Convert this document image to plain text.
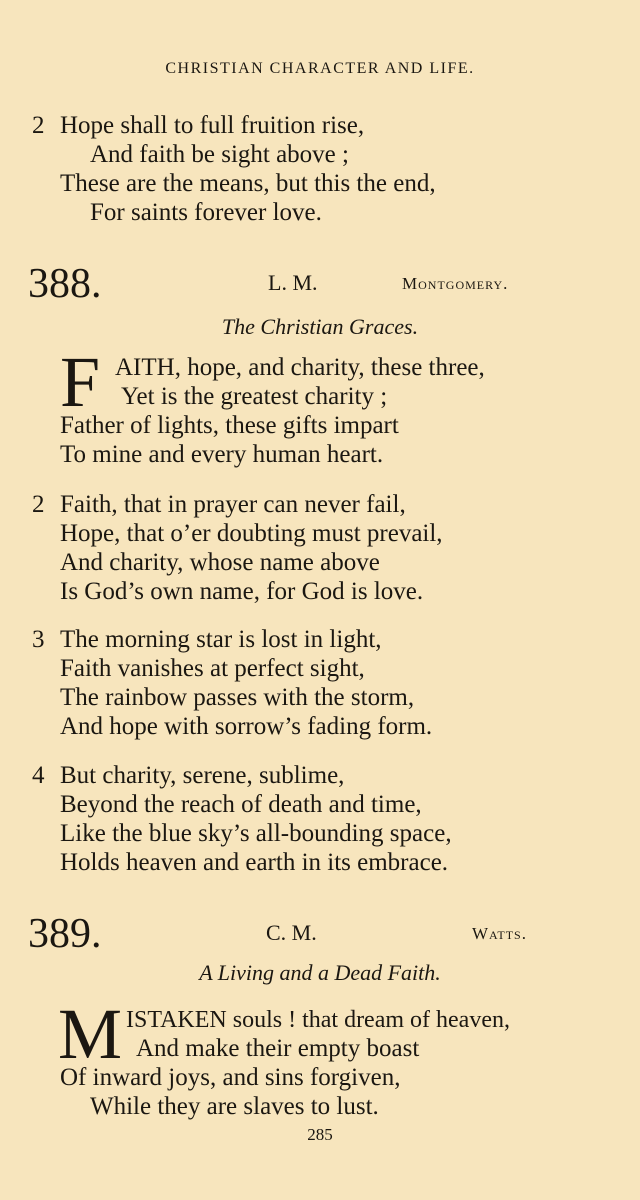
CHRISTIAN CHARACTER AND LIFE.
2 Hope shall to full fruition rise,
And faith be sight above ;
These are the means, but this the end,
For saints forever love.
388.	L. M.	Montgomery.
The Christian Graces.
F AITH, hope, and charity, these three,
Yet is the greatest charity ;
Father of lights, these gifts impart
To mine and every human heart.
2 Faith, that in prayer can never fail,
Hope, that o’er doubting must prevail,
And charity, whose name above
Is God’s own name, for God is love.
3 The morning star is lost in light,
Faith vanishes at perfect sight,
The rainbow passes with the storm,
And hope with sorrow’s fading form.
4 But charity, serene, sublime,
Beyond the reach of death and time,
Like the blue sky’s all-bounding space,
Holds heaven and earth in its embrace.
389.	C. M.	Watts.
A Living and a Dead Faith.
M ISTAKEN souls ! that dream of heaven,
And make their empty boast
Of inward joys, and sins forgiven,
While they are slaves to lust.
285
